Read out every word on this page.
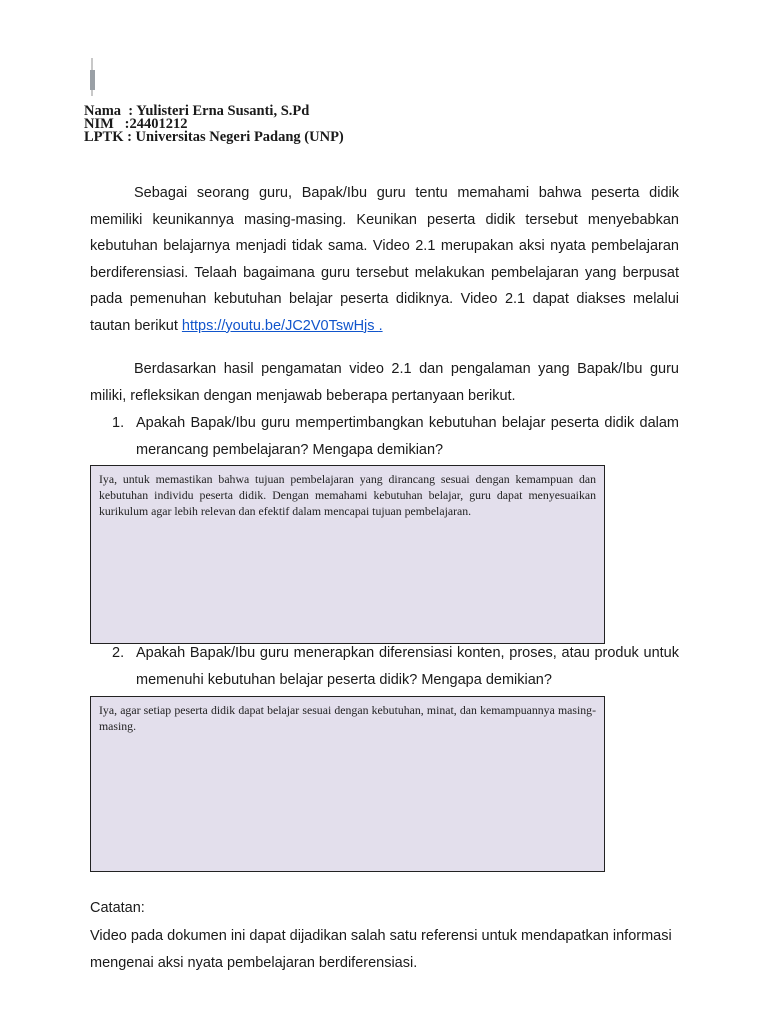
Nama  : Yulisteri Erna Susanti, S.Pd
NIM   :24401212
LPTK : Universitas Negeri Padang (UNP)

Sebagai seorang guru, Bapak/Ibu guru tentu memahami bahwa peserta didik memiliki keunikannya masing-masing. Keunikan peserta didik tersebut menyebabkan kebutuhan belajarnya menjadi tidak sama. Video 2.1 merupakan aksi nyata pembelajaran berdiferensiasi. Telaah bagaimana guru tersebut melakukan pembelajaran yang berpusat pada pemenuhan kebutuhan belajar peserta didiknya. Video 2.1 dapat diakses melalui tautan berikut https://youtu.be/JC2V0TswHjs .

Berdasarkan hasil pengamatan video 2.1 dan pengalaman yang Bapak/Ibu guru miliki, refleksikan dengan menjawab beberapa pertanyaan berikut.

1. Apakah Bapak/Ibu guru mempertimbangkan kebutuhan belajar peserta didik dalam merancang pembelajaran? Mengapa demikian?
Iya, untuk memastikan bahwa tujuan pembelajaran yang dirancang sesuai dengan kemampuan dan kebutuhan individu peserta didik. Dengan memahami kebutuhan belajar, guru dapat menyesuaikan kurikulum agar lebih relevan dan efektif dalam mencapai tujuan pembelajaran.
2. Apakah Bapak/Ibu guru menerapkan diferensiasi konten, proses, atau produk untuk memenuhi kebutuhan belajar peserta didik? Mengapa demikian?
Iya, agar setiap peserta didik dapat belajar sesuai dengan kebutuhan, minat, dan kemampuannya masing-masing.
Catatan:
Video pada dokumen ini dapat dijadikan salah satu referensi untuk mendapatkan informasi mengenai aksi nyata pembelajaran berdiferensiasi.
